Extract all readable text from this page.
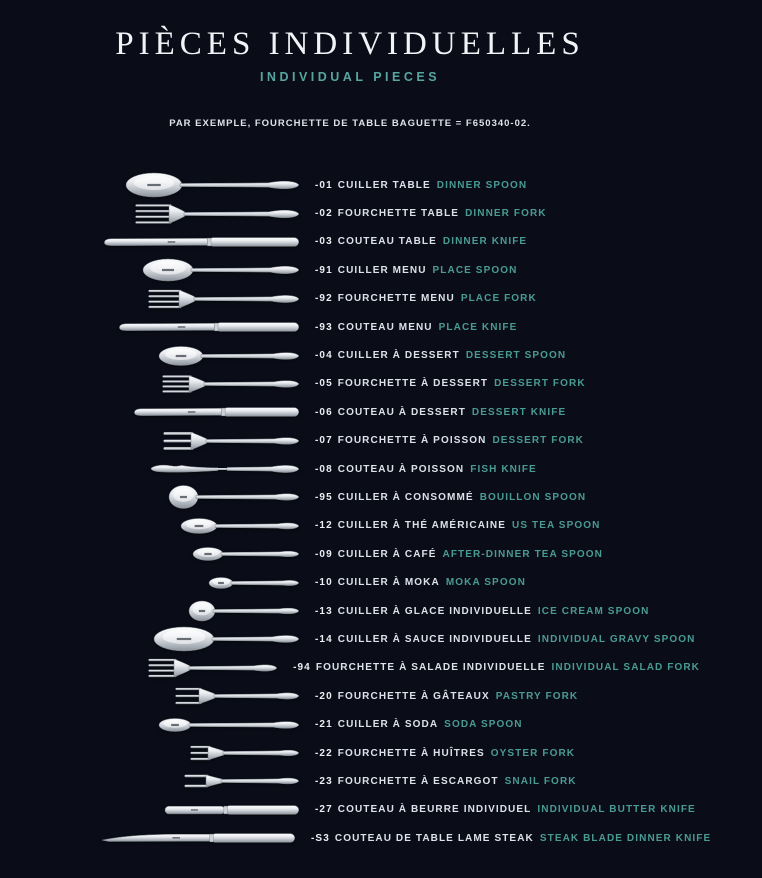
PIÈCES INDIVIDUELLES
INDIVIDUAL PIECES

PAR EXEMPLE, FOURCHETTE DE TABLE BAGUETTE = F650340-02.

-01 CUILLER TABLE DINNER SPOON
-02 FOURCHETTE TABLE DINNER FORK
-03 COUTEAU TABLE DINNER KNIFE
-91 CUILLER MENU PLACE SPOON
-92 FOURCHETTE MENU PLACE FORK
-93 COUTEAU MENU PLACE KNIFE
-04 CUILLER À DESSERT DESSERT SPOON
-05 FOURCHETTE À DESSERT DESSERT FORK
-06 COUTEAU À DESSERT DESSERT KNIFE
-07 FOURCHETTE À POISSON DESSERT FORK
-08 COUTEAU À POISSON FISH KNIFE
-95 CUILLER À CONSOMMÉ BOUILLON SPOON
-12 CUILLER À THÉ AMÉRICAINE US TEA SPOON
-09 CUILLER À CAFÉ AFTER-DINNER TEA SPOON
-10 CUILLER À MOKA MOKA SPOON
-13 CUILLER À GLACE INDIVIDUELLE ICE CREAM SPOON
-14 CUILLER À SAUCE INDIVIDUELLE INDIVIDUAL GRAVY SPOON
-94 FOURCHETTE À SALADE INDIVIDUELLE INDIVIDUAL SALAD FORK
-20 FOURCHETTE À GÂTEAUX PASTRY FORK
-21 CUILLER À SODA SODA SPOON
-22 FOURCHETTE À HUÎTRES OYSTER FORK
-23 FOURCHETTE À ESCARGOT SNAIL FORK
-27 COUTEAU À BEURRE INDIVIDUEL INDIVIDUAL BUTTER KNIFE
-S3 COUTEAU DE TABLE LAME STEAK STEAK BLADE DINNER KNIFE
